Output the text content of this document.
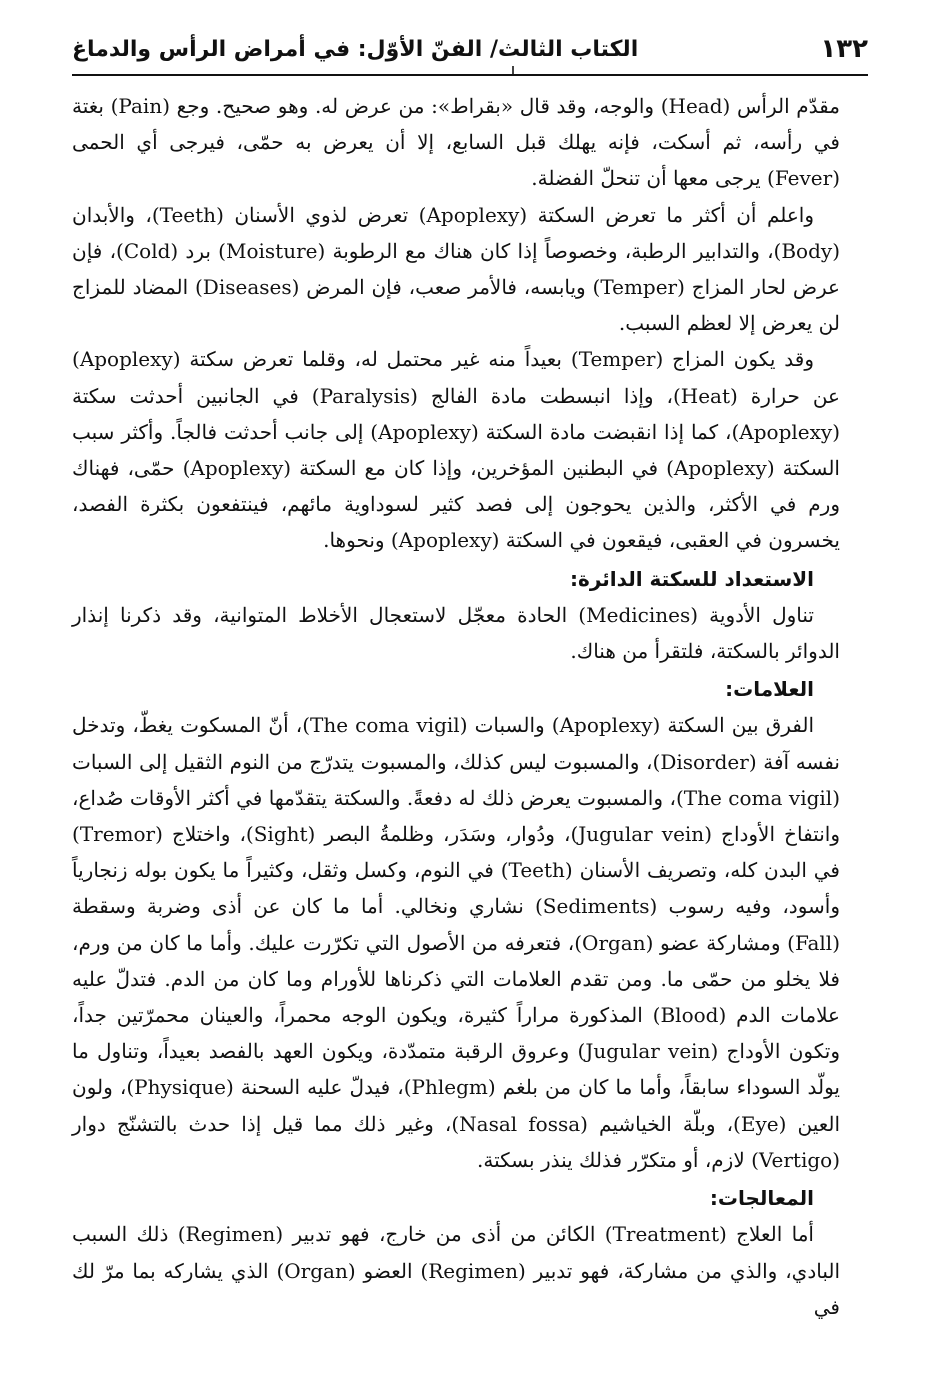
١٣٢
الكتاب الثالث/ الفنّ الأوّل: في أمراض الرأس والدماغ

مقدّم الرأس (Head) والوجه، وقد قال «بقراط»: من عرض له. وهو صحيح. وجع (Pain) بغتة في رأسه، ثم أسكت، فإنه يهلك قبل السابع، إلا أن يعرض به حمّى، فيرجى أي الحمى (Fever) يرجى معها أن تنحلّ الفضلة.

واعلم أن أكثر ما تعرض السكتة (Apoplexy) تعرض لذوي الأسنان (Teeth)، والأبدان (Body)، والتدابير الرطبة، وخصوصاً إذا كان هناك مع الرطوبة (Moisture) برد (Cold)، فإن عرض لحار المزاج (Temper) ويابسه، فالأمر صعب، فإن المرض (Diseases) المضاد للمزاج لن يعرض إلا لعظم السبب.

وقد يكون المزاج (Temper) بعيداً منه غير محتمل له، وقلما تعرض سكتة (Apoplexy) عن حرارة (Heat)، وإذا انبسطت مادة الفالج (Paralysis) في الجانبين أحدثت سكتة (Apoplexy)، كما إذا انقبضت مادة السكتة (Apoplexy) إلى جانب أحدثت فالجاً. وأكثر سبب السكتة (Apoplexy) في البطنين المؤخرين، وإذا كان مع السكتة (Apoplexy) حمّى، فهناك ورم في الأكثر، والذين يحوجون إلى فصد كثير لسوداوية مائهم، فينتفعون بكثرة الفصد، يخسرون في العقبى، فيقعون في السكتة (Apoplexy) ونحوها.

الاستعداد للسكتة الدائرة:

تناول الأدوية (Medicines) الحادة معجّل لاستعجال الأخلاط المتوانية، وقد ذكرنا إنذار الدوائر بالسكتة، فلتقرأ من هناك.

العلامات:

الفرق بين السكتة (Apoplexy) والسبات (The coma vigil)، أنّ المسكوت يغطّ، وتدخل نفسه آفة (Disorder)، والمسبوت ليس كذلك، والمسبوت يتدرّج من النوم الثقيل إلى السبات (The coma vigil)، والمسبوت يعرض ذلك له دفعةً. والسكتة يتقدّمها في أكثر الأوقات صُداع، وانتفاخ الأوداج (Jugular vein)، ودُوار، وسَدَر، وظلمةُ البصر (Sight)، واختلاج (Tremor) في البدن كله، وتصريف الأسنان (Teeth) في النوم، وكسل وثقل، وكثيراً ما يكون بوله زنجارياً وأسود، وفيه رسوب (Sediments) نشاري ونخالي. أما ما كان عن أذى وضربة وسقطة (Fall) ومشاركة عضو (Organ)، فتعرفه من الأصول التي تكرّرت عليك. وأما ما كان من ورم، فلا يخلو من حمّى ما. ومن تقدم العلامات التي ذكرناها للأورام وما كان من الدم. فتدلّ عليه علامات الدم (Blood) المذكورة مراراً كثيرة، ويكون الوجه محمراً، والعينان محمرّتين جداً، وتكون الأوداج (Jugular vein) وعروق الرقبة متمدّدة، ويكون العهد بالفصد بعيداً، وتناول ما يولّد السوداء سابقاً، وأما ما كان من بلغم (Phlegm)، فيدلّ عليه السحنة (Physique)، ولون العين (Eye)، وبلّة الخياشيم (Nasal fossa)، وغير ذلك مما قيل إذا حدث بالتشنّج دوار (Vertigo) لازم، أو متكرّر فذلك ينذر بسكتة.

المعالجات:

أما العلاج (Treatment) الكائن من أذى من خارج، فهو تدبير (Regimen) ذلك السبب البادي، والذي من مشاركة، فهو تدبير (Regimen) العضو (Organ) الذي يشاركه بما مرّ لك في
